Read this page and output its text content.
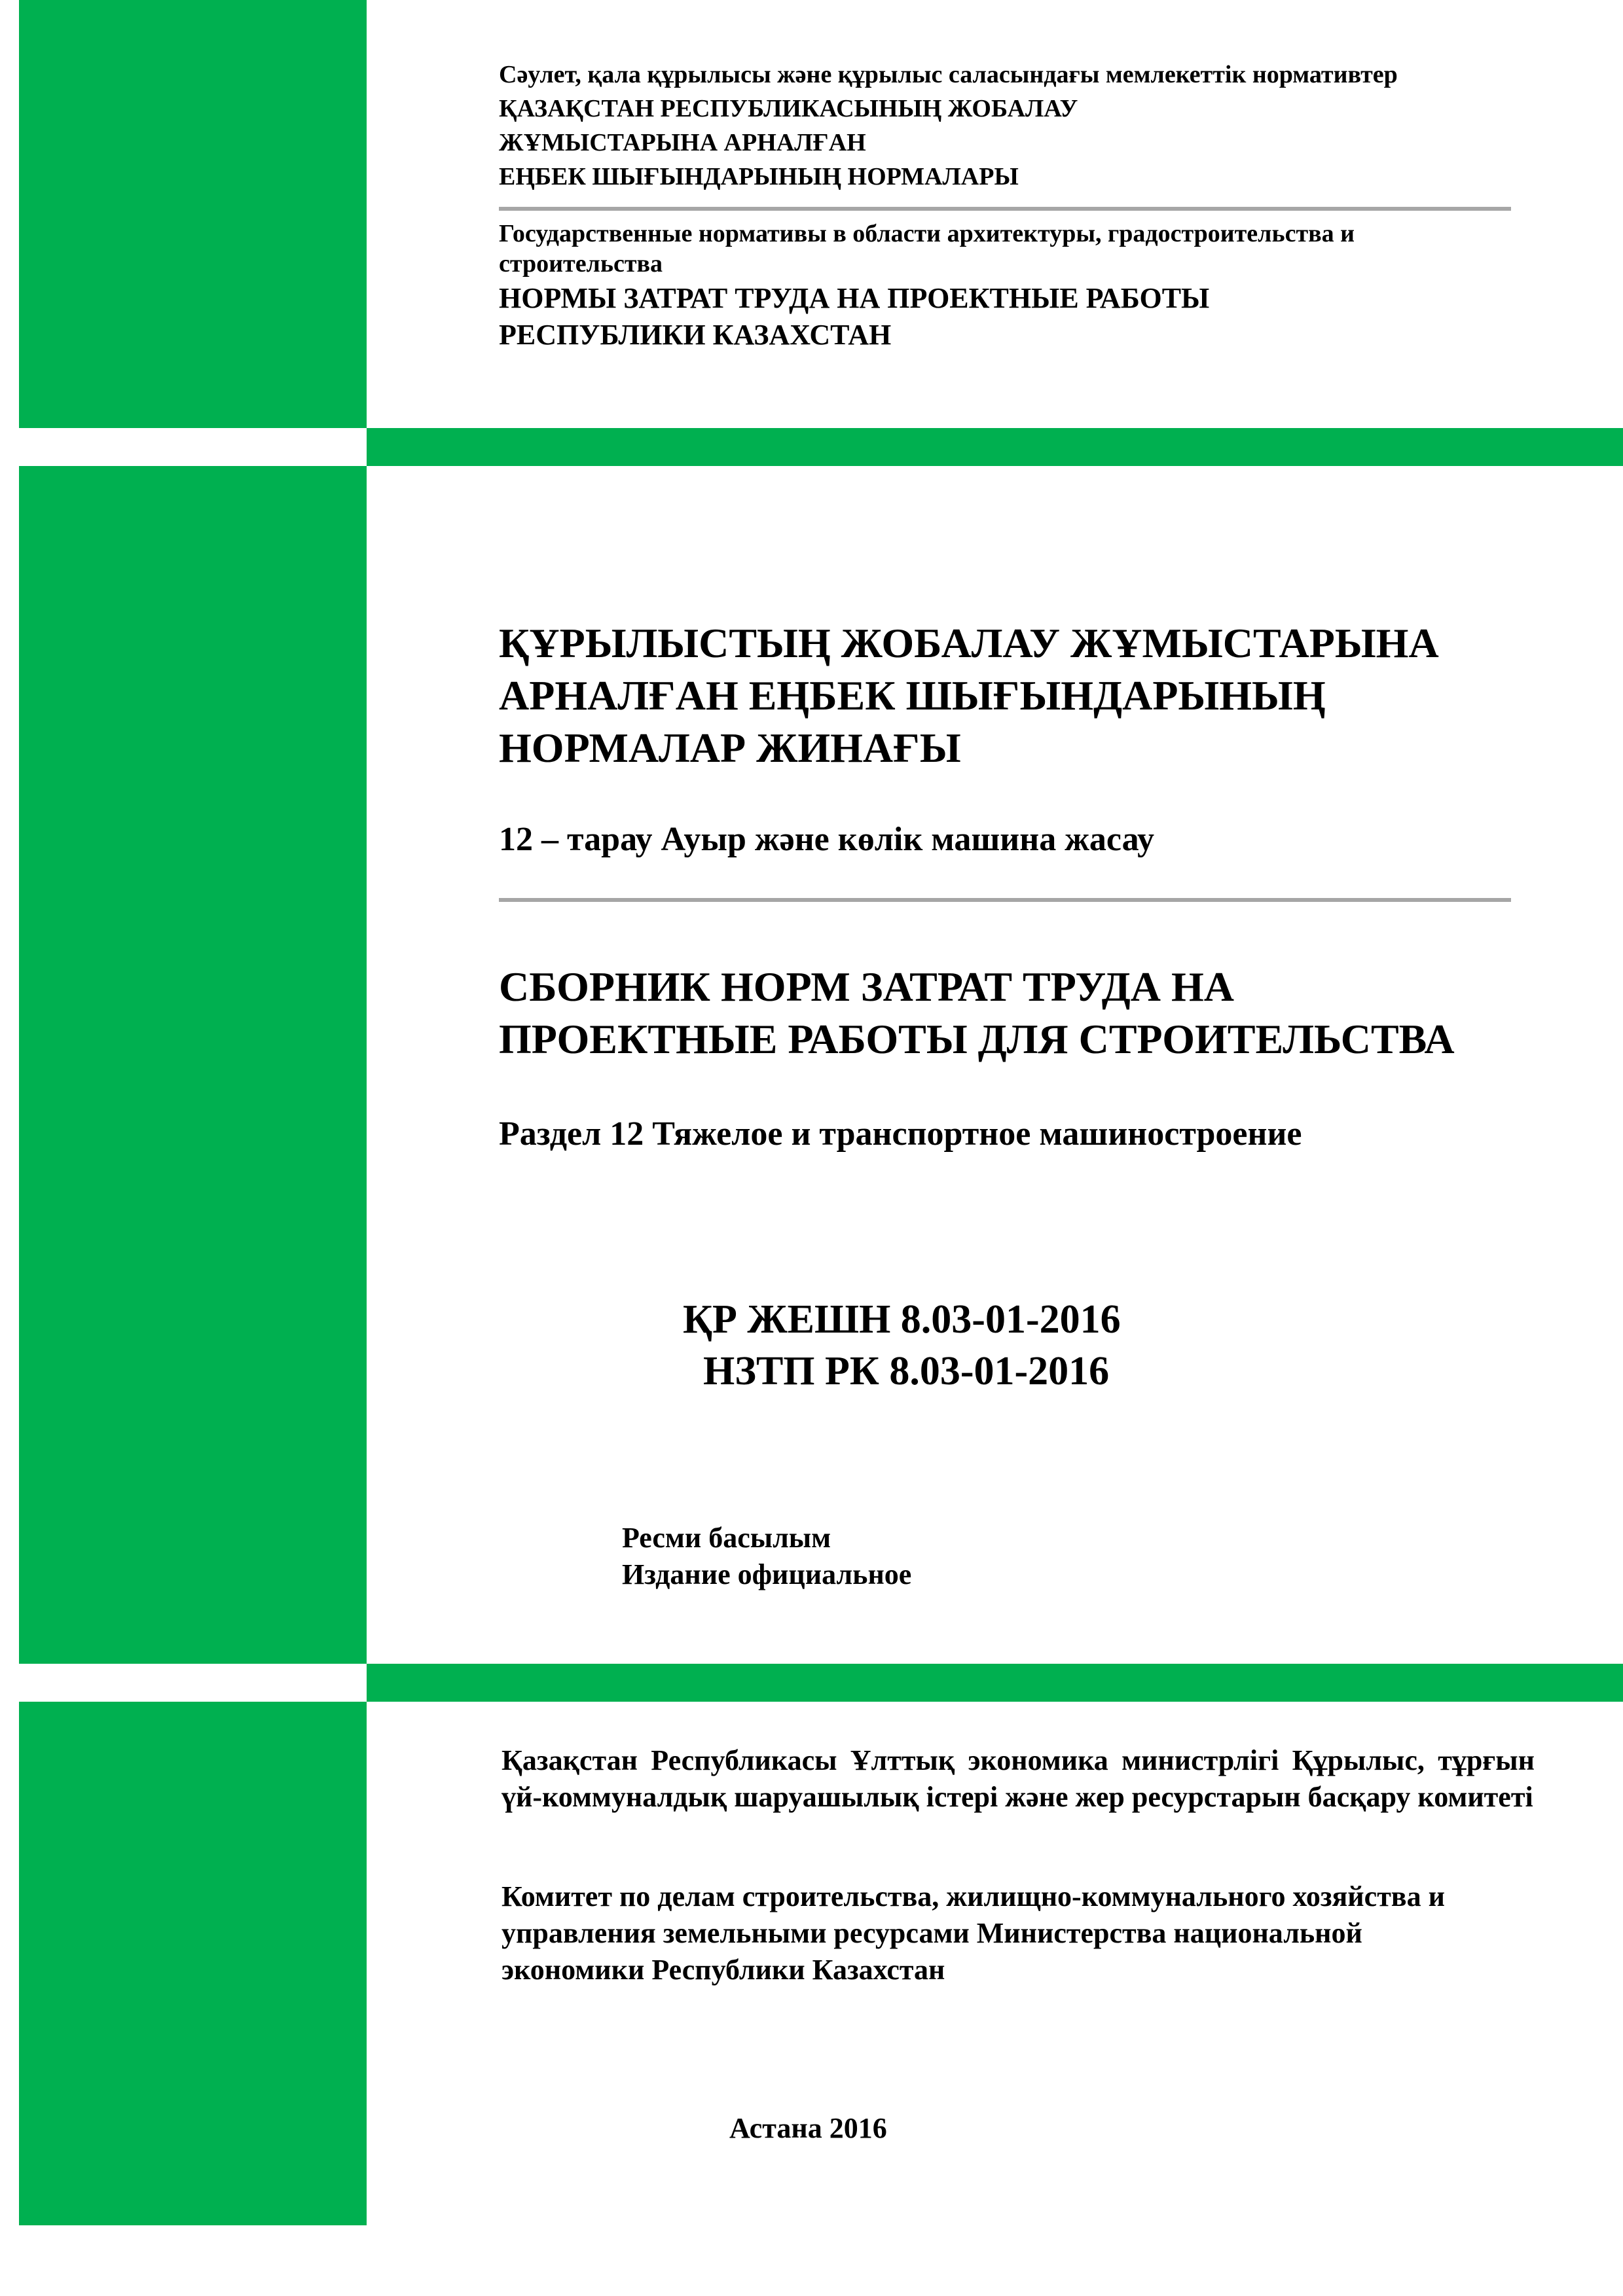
Сәулет, қала құрылысы және құрылыс саласындағы мемлекеттік нормативтер
ҚАЗАҚСТАН РЕСПУБЛИКАСЫНЫҢ ЖОБАЛАУ
ЖҰМЫСТАРЫНА АРНАЛҒАН
ЕҢБЕК ШЫҒЫНДАРЫНЫҢ НОРМАЛАРЫ
Государственные нормативы в области архитектуры, градостроительства и строительства
НОРМЫ ЗАТРАТ ТРУДА НА ПРОЕКТНЫЕ РАБОТЫ
РЕСПУБЛИКИ КАЗАХСТАН
ҚҰРЫЛЫСТЫҢ ЖОБАЛАУ ЖҰМЫСТАРЫНА
АРНАЛҒАН ЕҢБЕК ШЫҒЫНДАРЫНЫҢ
НОРМАЛАР ЖИНАҒЫ
12 – тарау Ауыр және көлік машина жасау
СБОРНИК НОРМ ЗАТРАТ ТРУДА НА
ПРОЕКТНЫЕ РАБОТЫ ДЛЯ СТРОИТЕЛЬСТВА
Раздел 12 Тяжелое и транспортное машиностроение
ҚР ЖЕШН 8.03-01-2016
НЗТП РК 8.03-01-2016
Ресми басылым
Издание официальное
Қазақстан Республикасы Ұлттық экономика министрлігі Құрылыс, тұрғын үй-коммуналдық шаруашылық істері және жер ресурстарын басқару комитеті
Комитет по делам строительства, жилищно-коммунального хозяйства и управления земельными ресурсами Министерства национальной экономики Республики Казахстан
Астана 2016
